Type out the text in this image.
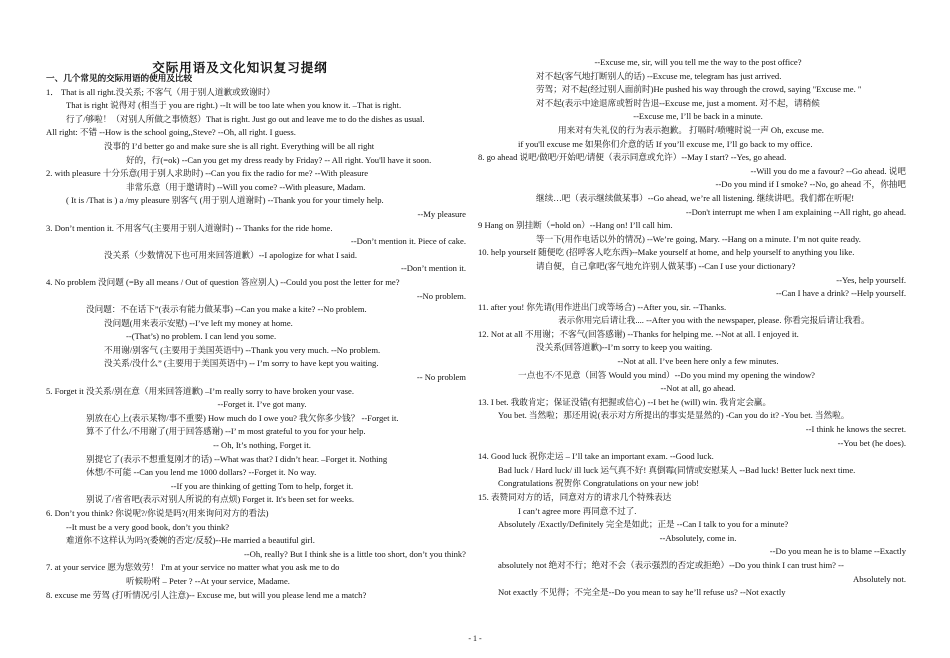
交际用语及文化知识复习提纲
一、几个常见的交际用语的使用及比较
1． That is all right.没关系; 不客气（用于别人道歉或致谢时）
That is right 说得对 (相当于 you are right.) --It will be too late when you know it. –That is right.
行了/够啦！（对别人所做之事愤怒）That is right. Just go out and leave me to do the dishes as usual.
All right: 不错 --How is the school going,,Steve? --Oh, all right. I guess.
没事的 I’d better go and make sure she is all right. Everything will be all right
好的，行(=ok) --Can you get my dress ready by Friday? -- All right. You'll have it soon.
2. with pleasure 十分乐意(用于别人求助时) --Can you fix the radio for me? --With pleasure
非常乐意（用于邀请时) --Will you come? --With pleasure, Madam.
( It is /That is ) a /my pleasure 别客气 (用于别人道谢时) --Thank you for your timely help.
--My pleasure
3. Don’t mention it. 不用客气(主要用于别人道谢时) -- Thanks for the ride home.
--Don’t mention it. Piece of cake.
没关系（少数情况下也可用来回答道歉）--I apologize for what I said.
--Don’t mention it.
4. No problem 没问题 (=By all means / Out of question 答应别人) --Could you post the letter for me?
--No problem.
没问题：不在话下”(表示有能力做某事) --Can you make a kite? --No problem.
没问题(用来表示安慰) --I’ve left my money at home.
--(That’s) no problem. I can lend you some.
不用谢/别客气 (主要用于美国英语中) --Thank you very much. --No problem.
没关系/没什么” (主要用于美国英语中) -- I’m sorry to have kept you waiting.
-- No problem
5. Forget it 没关系/别在意（用来回答道歉) –I’m really sorry to have broken your vase.
--Forget it. I’ve got many.
别放在心上(表示某物/事不重要) How much do I owe you? 我欠你多少钱？ --Forget it.
算不了什么/不用谢了(用于回答感谢) --I’ m most grateful to you for your help.
-- Oh, It’s nothing, Forget it.
别提它了(表示不想重复刚才的话) --What was that? I didn’t hear. –Forget it. Nothing
休想/不可能 --Can you lend me 1000 dollars? --Forget it. No way.
--If you are thinking of getting Tom to help, forget it.
别说了/省省吧(表示对别人所说的有点烦) Forget it. It's been set for weeks.
6. Don’t you think? 你说呢?/你说是吗?(用来询问对方的看法)
--It must be a very good book, don’t you think?
难道你不这样认为吗?(委婉的否定/反驳)--He married a beautiful girl.
--Oh, really? But I think she is a little too short, don’t you think?
7. at your service 愿为您效劳！ I'm at your service no matter what you ask me to do
听候吩咐 – Peter ? --At your service, Madame.
8. excuse me 劳驾 (打听情况/引人注意)-- Excuse me, but will you please lend me a match?
--Excuse me, sir, will you tell me the way to the post office?
对不起(客气地打断别人的话) --Excuse me, telegram has just arrived.
劳驾；对不起(经过别人面前时)He pushed his way through the crowd, saying "Excuse me. "
对不起(表示中途退席或暂时告退--Excuse me, just a moment. 对不起，请稍候
--Excuse me, I’ll be back in a minute.
用来对有失礼仪的行为表示抱歉。 打嗝时/喷嚏时说一声 Oh, excuse me.
if you'll excuse me 如果你们介意的话 If you’ll excuse me, I’ll go back to my office.
8. go ahead 说吧/做吧/开始吧/请便（表示同意或允许）--May I start? --Yes, go ahead.
--Will you do me a favour? --Go ahead. 说吧
--Do you mind if I smoke? --No, go ahead 不，你抽吧
继续…吧（表示继续做某事）--Go ahead, we’re all listening. 继续讲吧。我们都在听呢!
--Don't interrupt me when I am explaining --All right, go ahead.
9 Hang on 别挂断（=hold on）--Hang on! I’ll call him.
等一下(用作电话以外的情况) --We’re going, Mary. --Hang on a minute. I’m not quite ready.
10. help yourself 随便吃 (招呼客人吃东西)--Make yourself at home, and help yourself to anything you like.
请自便，自己拿吧(客气地允许别人做某事) --Can I use your dictionary?
--Yes, help yourself.
--Can I have a drink? --Help yourself.
11. after you! 你先请(用作进出门或等场合) --After you, sir. --Thanks.
表示你用完后请让我.... --After you with the newspaper, please. 你看完报后请让我看。
12. Not at all 不用谢；不客气(回答感谢) --Thanks for helping me. --Not at all. I enjoyed it.
没关系(回答道歉)--I’m sorry to keep you waiting.
--Not at all. I’ve been here only a few minutes.
一点也不/不见意（回答 Would you mind）--Do you mind my opening the window?
--Not at all, go ahead.
13. I bet. 我敢肯定；保证没错(有把握或信心) --I bet he (will) win. 我肯定会赢。
You bet. 当然啦；那还用说(表示对方所提出的事实是显然的) -Can you do it? -You bet. 当然啦。
--I think he knows the secret.
--You bet (he does).
14. Good luck 祝你走运 – I’ll take an important exam. --Good luck.
Bad luck / Hard luck/ ill luck 运气真不好! 真倒霉(同情或安慰某人 --Bad luck! Better luck next time.
Congratulations 祝贺你 Congratulations on your new job!
15. 表赞同对方的话，同意对方的请求几个特殊表达
I can’t agree more 再同意不过了.
Absolutely /Exactly/Definitely 完全是如此；正是 --Can I talk to you for a minute?
--Absolutely, come in.
--Do you mean he is to blame --Exactly
absolutely not 绝对不行；绝对不会（表示强烈的否定或拒绝）--Do you think I can trust him? --
Absolutely not.
Not exactly 不见得；不完全是--Do you mean to say he’ll refuse us? --Not exactly
- 1 -
